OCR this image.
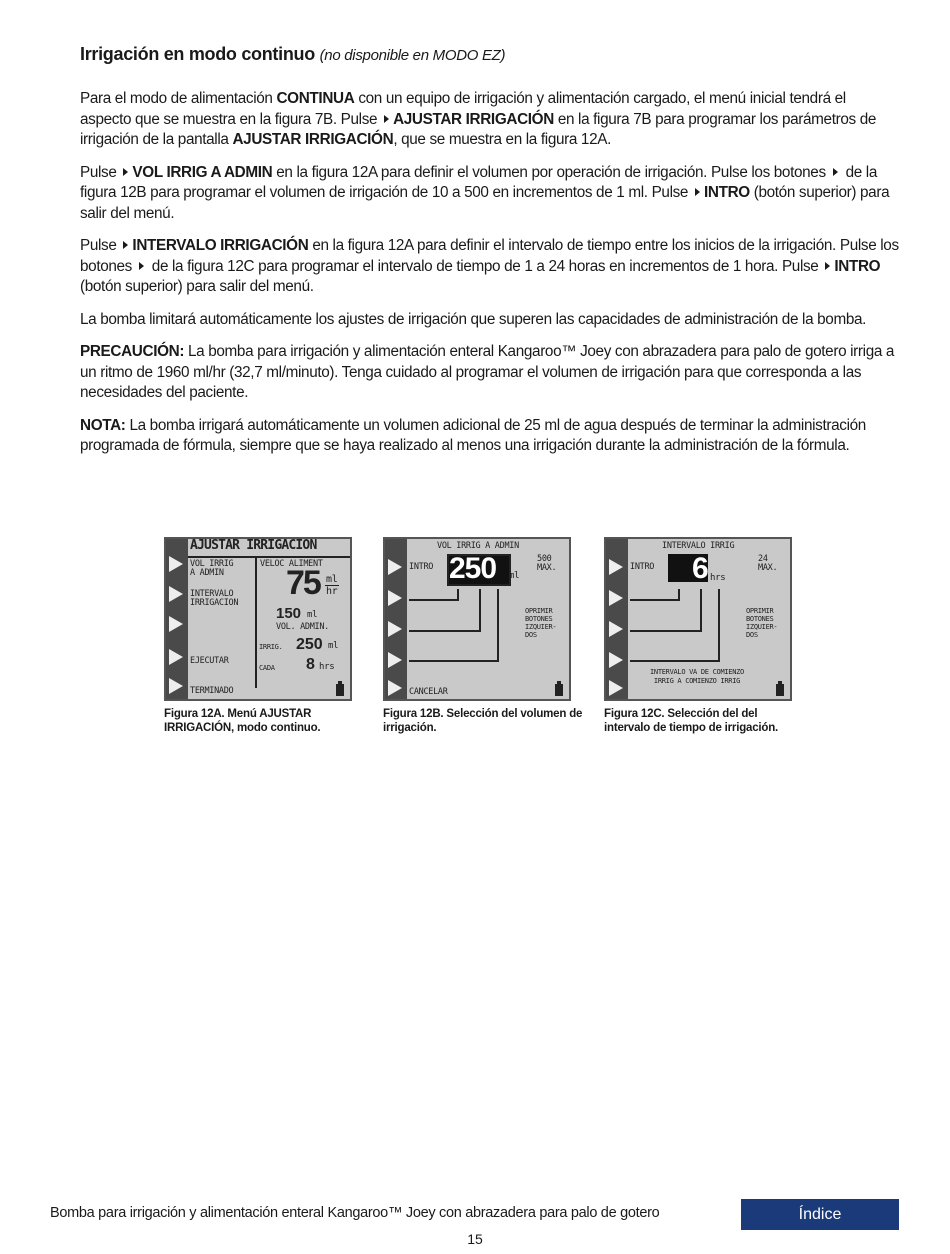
Irrigación en modo continuo (no disponible en MODO EZ)

Para el modo de alimentación CONTINUA con un equipo de irrigación y alimentación cargado, el menú inicial tendrá el aspecto que se muestra en la figura 7B. Pulse AJUSTAR IRRIGACIÓN en la figura 7B para programar los parámetros de irrigación de la pantalla AJUSTAR IRRIGACIÓN, que se muestra en la figura 12A.

Pulse VOL IRRIG A ADMIN en la figura 12A para definir el volumen por operación de irrigación. Pulse los botones  de la figura 12B para programar el volumen de irrigación de 10 a 500 en incrementos de 1 ml. Pulse INTRO (botón superior) para salir del menú.

Pulse INTERVALO IRRIGACIÓN en la figura 12A para definir el intervalo de tiempo entre los inicios de la irrigación. Pulse los botones  de la figura 12C para programar el intervalo de tiempo de 1 a 24 horas en incrementos de 1 hora. Pulse INTRO (botón superior) para salir del menú.

La bomba limitará automáticamente los ajustes de irrigación que superen las capacidades de administración de la bomba.

PRECAUCIÓN: La bomba para irrigación y alimentación enteral Kangaroo™ Joey con abrazadera para palo de gotero irriga a un ritmo de 1960 ml/hr (32,7 ml/minuto). Tenga cuidado al programar el volumen de irrigación para que corresponda a las necesidades del paciente.

NOTA: La bomba irrigará automáticamente un volumen adicional de 25 ml de agua después de terminar la administración programada de fórmula, siempre que se haya realizado al menos una irrigación durante la administración de la fórmula.

AJUSTAR IRRIGACION
VOL IRRIG
A ADMIN
INTERVALO
IRRIGACION
EJECUTAR
TERMINADO
VELOC ALIMENT
75 ml
hr
150 ml
VOL. ADMIN.
IRRIG. 250 ml
CADA 8 hrs
Figura 12A. Menú AJUSTAR IRRIGACIÓN, modo continuo.
VOL IRRIG A ADMIN
INTRO 250 ml
500
MAX.
OPRIMIR
BOTONES
IZQUIER-
DOS
CANCELAR
Figura 12B. Selección del volumen de irrigación.
INTERVALO IRRIG
INTRO 6 hrs
24
MAX.
OPRIMIR
BOTONES
IZQUIER-
DOS
INTERVALO VA DE COMIENZO
IRRIG A COMIENZO IRRIG
Figura 12C. Selección del del intervalo de tiempo de irrigación.
Bomba para irrigación y alimentación enteral Kangaroo™ Joey con abrazadera para palo de gotero	Índice
15
